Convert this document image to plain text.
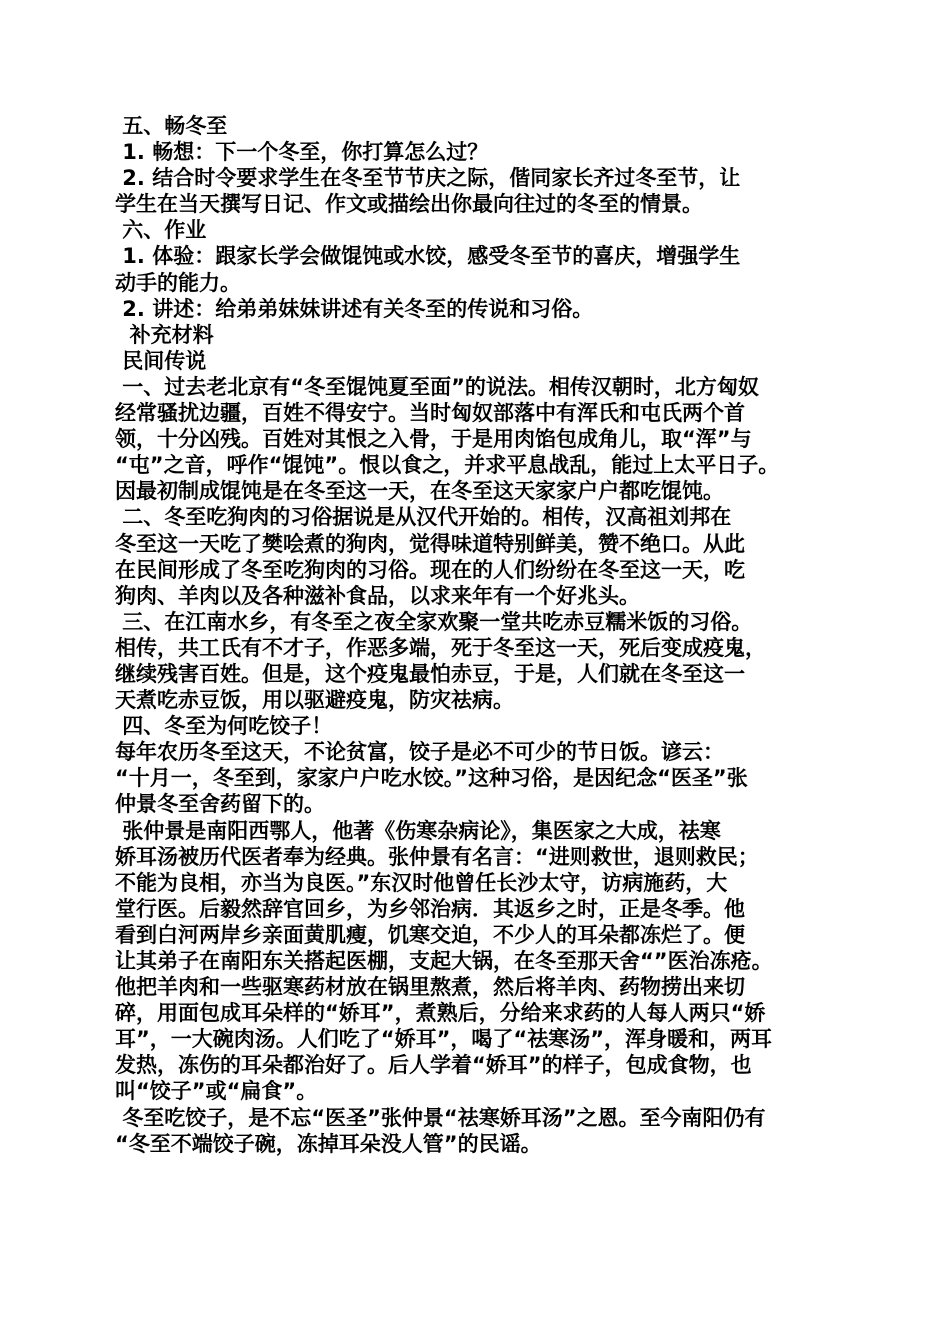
五、畅冬至
1. 畅想：下一个冬至，你打算怎么过？
2. 结合时令要求学生在冬至节节庆之际，偕同家长齐过冬至节，让
学生在当天撰写日记、作文或描绘出你最向往过的冬至的情景。
六、作业
1. 体验：跟家长学会做馄饨或水饺，感受冬至节的喜庆，增强学生
动手的能力。
2. 讲述：给弟弟妹妹讲述有关冬至的传说和习俗。
补充材料
民间传说
一、过去老北京有“冬至馄饨夏至面”的说法。相传汉朝时，北方匈奴
经常骚扰边疆，百姓不得安宁。当时匈奴部落中有浑氏和屯氏两个首
领，十分凶残。百姓对其恨之入骨，于是用肉馅包成角儿，取“浑”与
“屯”之音，呼作“馄饨”。恨以食之，并求平息战乱，能过上太平日子。
因最初制成馄饨是在冬至这一天，在冬至这天家家户户都吃馄饨。
二、冬至吃狗肉的习俗据说是从汉代开始的。相传，汉高祖刘邦在
冬至这一天吃了樊哙煮的狗肉，觉得味道特别鲜美，赞不绝口。从此
在民间形成了冬至吃狗肉的习俗。现在的人们纷纷在冬至这一天，吃
狗肉、羊肉以及各种滋补食品，以求来年有一个好兆头。
三、在江南水乡，有冬至之夜全家欢聚一堂共吃赤豆糯米饭的习俗。
相传，共工氏有不才子，作恶多端，死于冬至这一天，死后变成疫鬼，
继续残害百姓。但是，这个疫鬼最怕赤豆，于是，人们就在冬至这一
天煮吃赤豆饭，用以驱避疫鬼，防灾祛病。
四、冬至为何吃饺子！
每年农历冬至这天，不论贫富，饺子是必不可少的节日饭。谚云：
“十月一，冬至到，家家户户吃水饺。”这种习俗，是因纪念“医圣”张
仲景冬至舍药留下的。
张仲景是南阳西鄂人，他著《伤寒杂病论》，集医家之大成，祛寒
娇耳汤被历代医者奉为经典。张仲景有名言：“进则救世，退则救民；
不能为良相，亦当为良医。”东汉时他曾任长沙太守，访病施药，大
堂行医。后毅然辞官回乡，为乡邻治病．其返乡之时，正是冬季。他
看到白河两岸乡亲面黄肌瘦，饥寒交迫，不少人的耳朵都冻烂了。便
让其弟子在南阳东关搭起医棚，支起大锅，在冬至那天舍“”医治冻疮。
他把羊肉和一些驱寒药材放在锅里熬煮，然后将羊肉、药物捞出来切
碎，用面包成耳朵样的“娇耳”，煮熟后，分给来求药的人每人两只“娇
耳”，一大碗肉汤。人们吃了“娇耳”，喝了“祛寒汤”，浑身暖和，两耳
发热，冻伤的耳朵都治好了。后人学着“娇耳”的样子，包成食物，也
叫“饺子”或“扁食”。
冬至吃饺子，是不忘“医圣”张仲景“祛寒娇耳汤”之恩。至今南阳仍有
“冬至不端饺子碗，冻掉耳朵没人管”的民谣。
